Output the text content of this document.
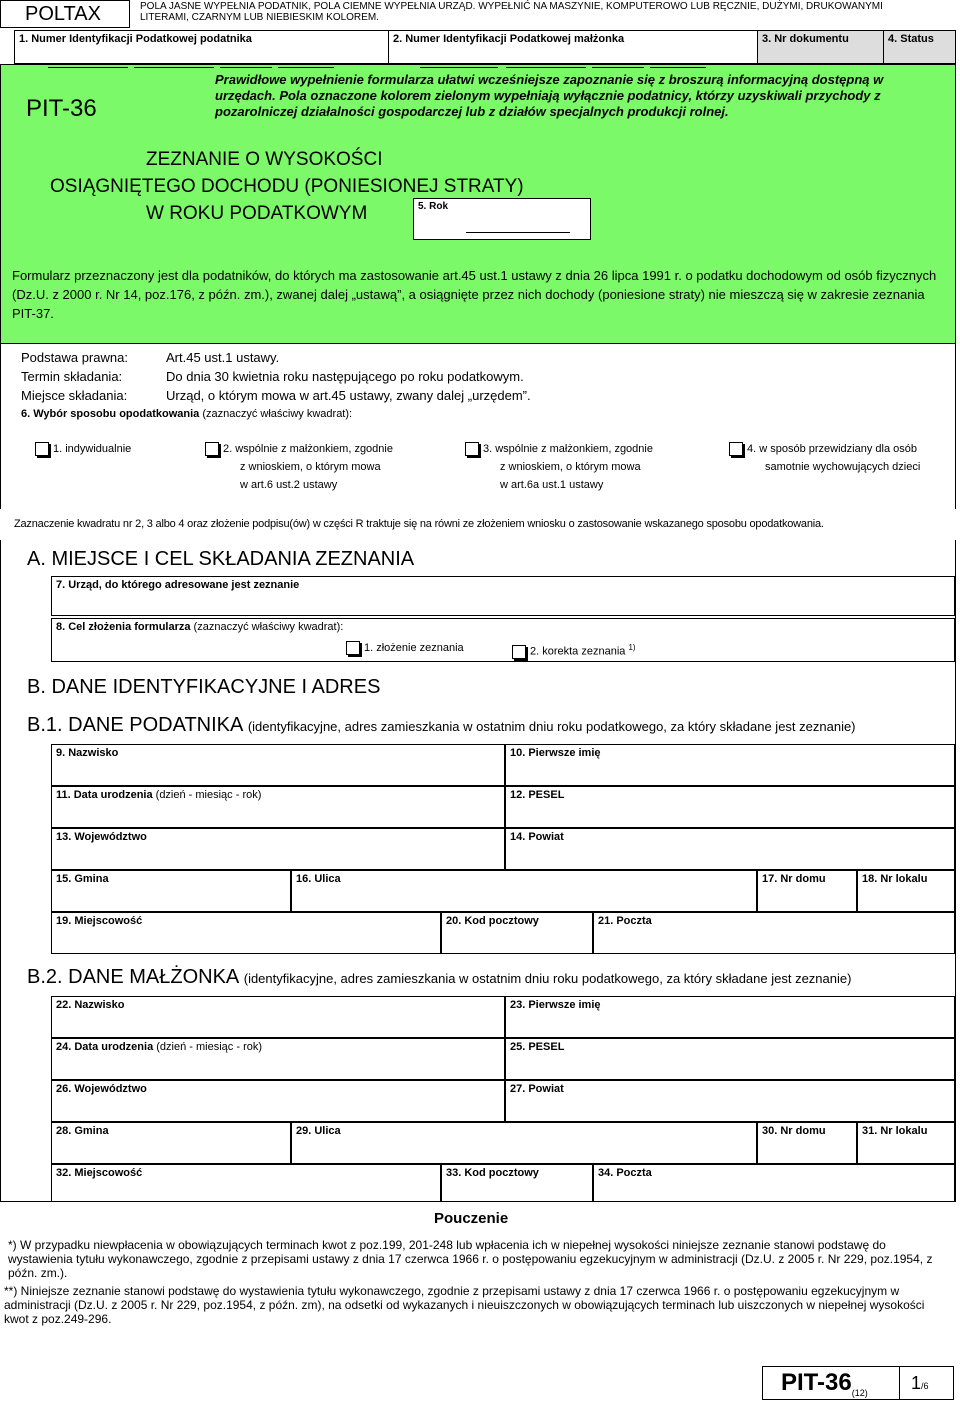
POLTAX	POLA JASNE WYPEŁNIA PODATNIK, POLA CIEMNE WYPEŁNIA URZĄD. WYPEŁNIĆ NA MASZYNIE, KOMPUTEROWO LUB RĘCZNIE, DUŻYMI, DRUKOWANYMI LITERAMI, CZARNYM LUB NIEBIESKIM KOLOREM.
1. Numer Identyfikacji Podatkowej podatnika	2. Numer Identyfikacji Podatkowej małżonka	3. Nr dokumentu	4. Status
PIT-36
Prawidłowe wypełnienie formularza ułatwi wcześniejsze zapoznanie się z broszurą informacyjną dostępną w urzędach. Pola oznaczone kolorem zielonym wypełniają wyłącznie podatnicy, którzy uzyskiwali przychody z pozarolniczej działalności gospodarczej lub z działów specjalnych produkcji rolnej.
ZEZNANIE O WYSOKOŚCI
OSIĄGNIĘTEGO DOCHODU (PONIESIONEJ STRATY)
W ROKU PODATKOWYM	5. Rok
Formularz przeznaczony jest dla podatników, do których ma zastosowanie art.45 ust.1 ustawy z dnia 26 lipca 1991 r. o podatku dochodowym od osób fizycznych (Dz.U. z 2000 r. Nr 14, poz.176, z późn. zm.), zwanej dalej „ustawą”, a osiągnięte przez nich dochody (poniesione straty) nie mieszczą się w zakresie zeznania PIT-37.
Podstawa prawna:	Art.45 ust.1 ustawy.
Termin składania:	Do dnia 30 kwietnia roku następującego po roku podatkowym.
Miejsce składania:	Urząd, o którym mowa w art.45 ustawy, zwany dalej „urzędem”.
6. Wybór sposobu opodatkowania (zaznaczyć właściwy kwadrat):
1. indywidualnie	2. wspólnie z małżonkiem, zgodnie
z wnioskiem, o którym mowa
w art.6 ust.2 ustawy
3. wspólnie z małżonkiem, zgodnie
z wnioskiem, o którym mowa
w art.6a ust.1 ustawy
4. w sposób przewidziany dla osób
samotnie wychowujących dzieci
Zaznaczenie kwadratu nr 2, 3 albo 4 oraz złożenie podpisu(ów) w części R traktuje się na równi ze złożeniem wniosku o zastosowanie wskazanego sposobu opodatkowania.
A. MIEJSCE I CEL SKŁADANIA ZEZNANIA
7. Urząd, do którego adresowane jest zeznanie
8. Cel złożenia formularza (zaznaczyć właściwy kwadrat):
1. złożenie zeznania	2. korekta zeznania $^{1)}$
B. DANE IDENTYFIKACYJNE I ADRES
B.1. DANE PODATNIKA (identyfikacyjne, adres zamieszkania w ostatnim dniu roku podatkowego, za który składane jest zeznanie)
9. Nazwisko	10. Pierwsze imię
11. Data urodzenia (dzień - miesiąc - rok)	12. PESEL
13. Województwo	14. Powiat
15. Gmina	16. Ulica	17. Nr domu	18. Nr lokalu
19. Miejscowość	20. Kod pocztowy	21. Poczta
B.2. DANE MAŁŻONKA (identyfikacyjne, adres zamieszkania w ostatnim dniu roku podatkowego, za który składane jest zeznanie)
22. Nazwisko	23. Pierwsze imię
24. Data urodzenia (dzień - miesiąc - rok)	25. PESEL
26. Województwo	27. Powiat
28. Gmina	29. Ulica	30. Nr domu	31. Nr lokalu
32. Miejscowość	33. Kod pocztowy	34. Poczta
Pouczenie
*) W przypadku niewpłacenia w obowiązujących terminach kwot z poz.199, 201-248 lub wpłacenia ich w niepełnej wysokości niniejsze zeznanie stanowi podstawę do wystawienia tytułu wykonawczego, zgodnie z przepisami ustawy z dnia 17 czerwca 1966 r. o postępowaniu egzekucyjnym w administracji (Dz.U. z 2005 r. Nr 229, poz.1954, z późn. zm.).
**) Niniejsze zeznanie stanowi podstawę do wystawienia tytułu wykonawczego, zgodnie z przepisami ustawy z dnia 17 czerwca 1966 r. o postępowaniu egzekucyjnym w administracji (Dz.U. z 2005 r. Nr 229, poz.1954, z późn. zm), na odsetki od wykazanych i nieuiszczonych w obowiązujących terminach lub uiszczonych w niepełnej wysokości kwot z poz.249-296.
PIT-$36_{(12)}$ 1/6
